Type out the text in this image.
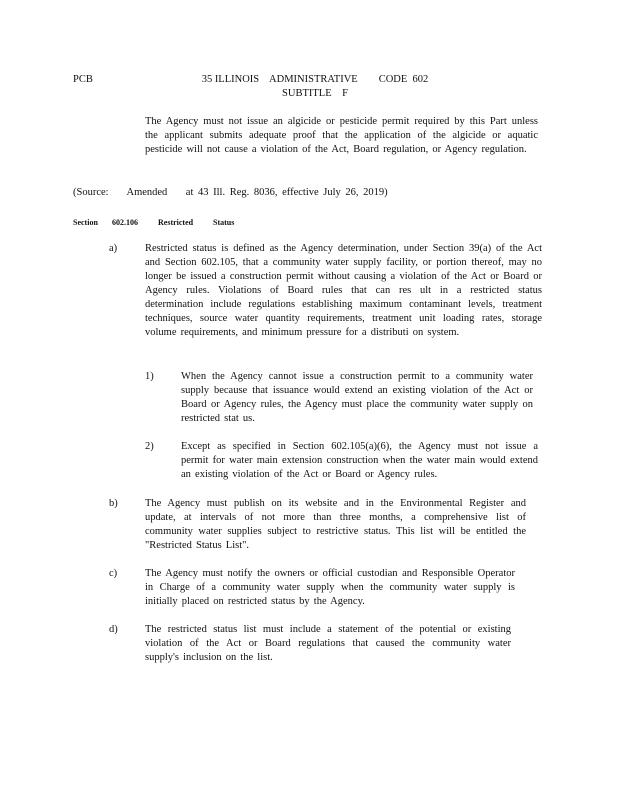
PCB	35 ILLINOIS    ADMINISTRATIVE        CODE  602
SUBTITLE    F
The Agency must not issue an algicide or pesticide permit required by this Part unless the applicant submits adequate proof that the application of the algicide or aquatic pesticide will not cause a violation of the Act, Board regulation, or Agency regulation.
(Source:    Amended    at 43 Ill. Reg. 8036, effective July 26, 2019)
Section 602.106	Restricted Status
a)	Restricted status is defined as the Agency determination, under Section 39(a) of the Act and Section 602.105, that a community water supply facility, or portion thereof, may no longer be issued a construction permit without causing a violation of the Act or Board or Agency rules. Violations of Board rules that can res ult in a restricted status determination include regulations establishing maximum contaminant levels, treatment techniques, source water quantity requirements, treatment unit loading rates, storage volume requirements, and minimum pressure for a distributi on system.
1)	When the Agency cannot issue a construction permit to a community water supply because that issuance would extend an existing violation of the Act or Board or Agency rules, the Agency must place the community water supply on restricted stat us.
2)	Except as specified in Section 602.105(a)(6), the Agency must not issue a permit for water main extension construction when the water main would extend an existing violation of the Act or Board or Agency rules.
b)	The Agency must publish on its website and in the Environmental Register and update, at intervals of not more than three months, a comprehensive list of community water supplies subject to restrictive status. This list will be entitled the "Restricted Status List".
c)	The Agency must notify the owners or official custodian and Responsible Operator in Charge of a community water supply when the community water supply is initially placed on restricted status by the Agency.
d)	The restricted status list must include a statement of the potential or existing violation of the Act or Board regulations that caused the community water supply's inclusion on the list.
